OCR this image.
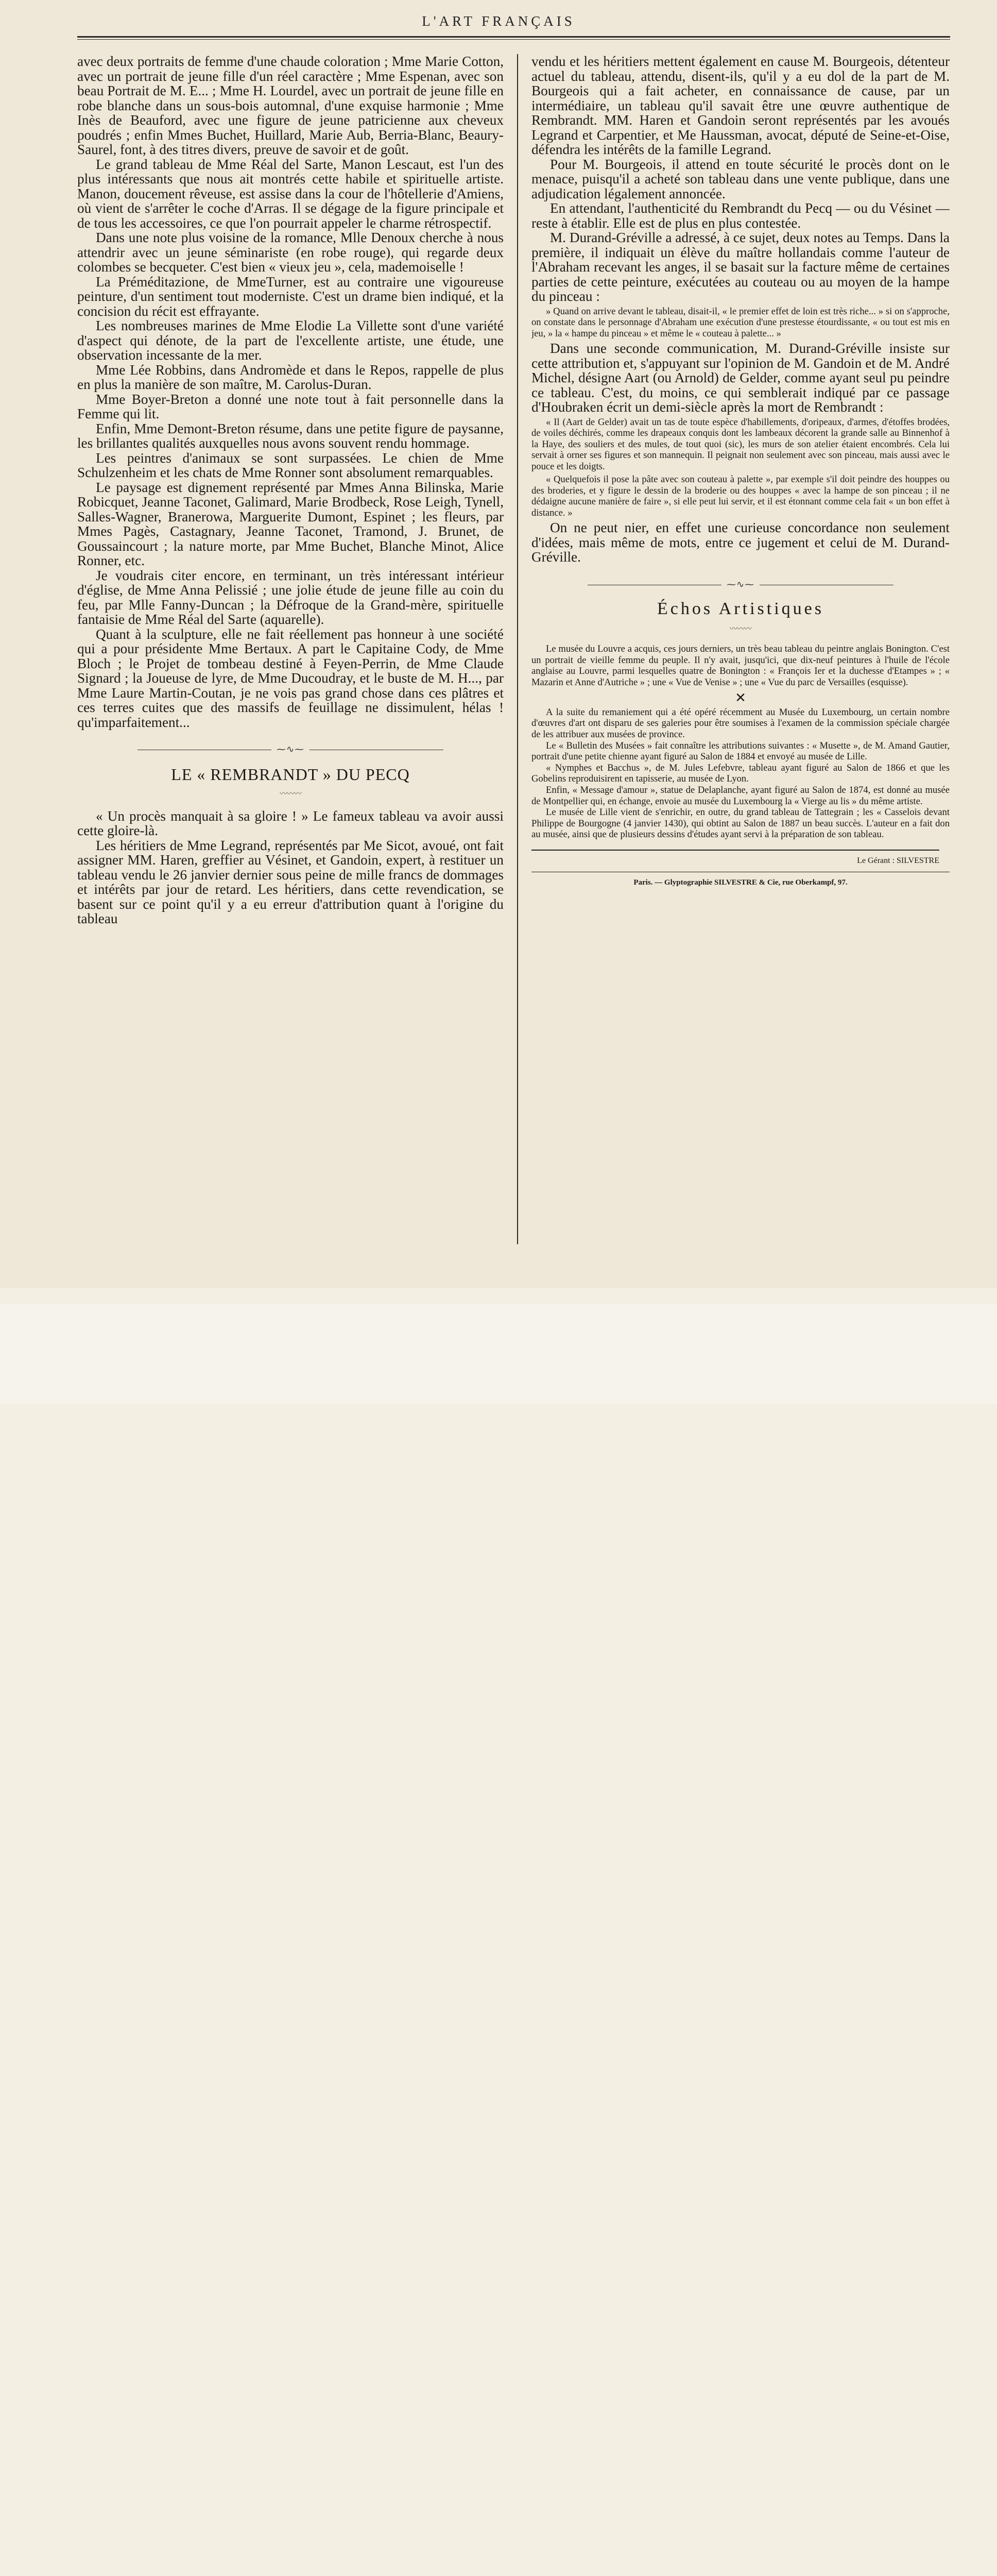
L'ART FRANÇAIS

avec deux portraits de femme d'une chaude coloration ; Mme Marie Cotton, avec un portrait de jeune fille d'un réel caractère ; Mme Espenan, avec son beau Portrait de M. E... ; Mme H. Lourdel, avec un portrait de jeune fille en robe blanche dans un sous-bois automnal, d'une exquise harmonie ; Mme Inès de Beauford, avec une figure de jeune patricienne aux cheveux poudrés ; enfin Mmes Buchet, Huillard, Marie Aub, Berria-Blanc, Beaury-Saurel, font, à des titres divers, preuve de savoir et de goût.

Le grand tableau de Mme Réal del Sarte, Manon Lescaut, est l'un des plus intéressants que nous ait montrés cette habile et spirituelle artiste. Manon, doucement rêveuse, est assise dans la cour de l'hôtellerie d'Amiens, où vient de s'arrêter le coche d'Arras. Il se dégage de la figure principale et de tous les accessoires, ce que l'on pourrait appeler le charme rétrospectif.

Dans une note plus voisine de la romance, Mlle Denoux cherche à nous attendrir avec un jeune séminariste (en robe rouge), qui regarde deux colombes se becqueter. C'est bien « vieux jeu », cela, mademoiselle !

La Préméditazione, de MmeTurner, est au contraire une vigoureuse peinture, d'un sentiment tout moderniste. C'est un drame bien indiqué, et la concision du récit est effrayante.

Les nombreuses marines de Mme Elodie La Villette sont d'une variété d'aspect qui dénote, de la part de l'excellente artiste, une étude, une observation incessante de la mer.

Mme Lée Robbins, dans Andromède et dans le Repos, rappelle de plus en plus la manière de son maître, M. Carolus-Duran.

Mme Boyer-Breton a donné une note tout à fait personnelle dans la Femme qui lit.

Enfin, Mme Demont-Breton résume, dans une petite figure de paysanne, les brillantes qualités auxquelles nous avons souvent rendu hommage.

Les peintres d'animaux se sont surpassées. Le chien de Mme Schulzenheim et les chats de Mme Ronner sont absolument remarquables.

Le paysage est dignement représenté par Mmes Anna Bilinska, Marie Robicquet, Jeanne Taconet, Galimard, Marie Brodbeck, Rose Leigh, Tynell, Salles-Wagner, Branerowa, Marguerite Dumont, Espinet ; les fleurs, par Mmes Pagès, Castagnary, Jeanne Taconet, Tramond, J. Brunet, de Goussaincourt ; la nature morte, par Mme Buchet, Blanche Minot, Alice Ronner, etc.

Je voudrais citer encore, en terminant, un très intéressant intérieur d'église, de Mme Anna Pelissié ; une jolie étude de jeune fille au coin du feu, par Mlle Fanny-Duncan ; la Défroque de la Grand-mère, spirituelle fantaisie de Mme Réal del Sarte (aquarelle).

Quant à la sculpture, elle ne fait réellement pas honneur à une société qui a pour présidente Mme Bertaux. A part le Capitaine Cody, de Mme Bloch ; le Projet de tombeau destiné à Feyen-Perrin, de Mme Claude Signard ; la Joueuse de lyre, de Mme Ducoudray, et le buste de M. H..., par Mme Laure Martin-Coutan, je ne vois pas grand chose dans ces plâtres et ces terres cuites que des massifs de feuillage ne dissimulent, hélas ! qu'imparfaitement...

⁓∿⁓
LE « REMBRANDT » DU PECQ
〰〰〰

« Un procès manquait à sa gloire ! » Le fameux tableau va avoir aussi cette gloire-là.

Les héritiers de Mme Legrand, représentés par Me Sicot, avoué, ont fait assigner MM. Haren, greffier au Vésinet, et Gandoin, expert, à restituer un tableau vendu le 26 janvier dernier sous peine de mille francs de dommages et intérêts par jour de retard. Les héritiers, dans cette revendication, se basent sur ce point qu'il y a eu erreur d'attribution quant à l'origine du tableau

vendu et les héritiers mettent également en cause M. Bourgeois, détenteur actuel du tableau, attendu, disent-ils, qu'il y a eu dol de la part de M. Bourgeois qui a fait acheter, en connaissance de cause, par un intermédiaire, un tableau qu'il savait être une œuvre authentique de Rembrandt. MM. Haren et Gandoin seront représentés par les avoués Legrand et Carpentier, et Me Haussman, avocat, député de Seine-et-Oise, défendra les intérêts de la famille Legrand.

Pour M. Bourgeois, il attend en toute sécurité le procès dont on le menace, puisqu'il a acheté son tableau dans une vente publique, dans une adjudication légalement annoncée.

En attendant, l'authenticité du Rembrandt du Pecq — ou du Vésinet — reste à établir. Elle est de plus en plus contestée.

M. Durand-Gréville a adressé, à ce sujet, deux notes au Temps. Dans la première, il indiquait un élève du maître hollandais comme l'auteur de l'Abraham recevant les anges, il se basait sur la facture même de certaines parties de cette peinture, exécutées au couteau ou au moyen de la hampe du pinceau :

» Quand on arrive devant le tableau, disait-il, « le premier effet de loin est très riche... » si on s'approche, on constate dans le personnage d'Abraham une exécution d'une prestesse étourdissante, « ou tout est mis en jeu, » la « hampe du pinceau » et même le « couteau à palette... »

Dans une seconde communication, M. Durand-Gréville insiste sur cette attribution et, s'appuyant sur l'opinion de M. Gandoin et de M. André Michel, désigne Aart (ou Arnold) de Gelder, comme ayant seul pu peindre ce tableau. C'est, du moins, ce qui semblerait indiqué par ce passage d'Houbraken écrit un demi-siècle après la mort de Rembrandt :

« Il (Aart de Gelder) avait un tas de toute espèce d'habillements, d'oripeaux, d'armes, d'étoffes brodées, de voiles déchirés, comme les drapeaux conquis dont les lambeaux décorent la grande salle au Binnenhof à la Haye, des souliers et des mules, de tout quoi (sic), les murs de son atelier étaient encombrés. Cela lui servait à orner ses figures et son mannequin. Il peignait non seulement avec son pinceau, mais aussi avec le pouce et les doigts.

« Quelquefois il pose la pâte avec son couteau à palette », par exemple s'il doit peindre des houppes ou des broderies, et y figure le dessin de la broderie ou des houppes « avec la hampe de son pinceau ; il ne dédaigne aucune manière de faire », si elle peut lui servir, et il est étonnant comme cela fait « un bon effet à distance. »

On ne peut nier, en effet une curieuse concordance non seulement d'idées, mais même de mots, entre ce jugement et celui de M. Durand-Gréville.

⁓∿⁓
Échos Artistiques
〰〰〰

Le musée du Louvre a acquis, ces jours derniers, un très beau tableau du peintre anglais Bonington. C'est un portrait de vieille femme du peuple. Il n'y avait, jusqu'ici, que dix-neuf peintures à l'huile de l'école anglaise au Louvre, parmi lesquelles quatre de Bonington : « François Ier et la duchesse d'Etampes » ; « Mazarin et Anne d'Autriche » ; une « Vue de Venise » ; une « Vue du parc de Versailles (esquisse).

✕

A la suite du remaniement qui a été opéré récemment au Musée du Luxembourg, un certain nombre d'œuvres d'art ont disparu de ses galeries pour être soumises à l'examen de la commission spéciale chargée de les attribuer aux musées de province.

Le « Bulletin des Musées » fait connaître les attributions suivantes : « Musette », de M. Amand Gautier, portrait d'une petite chienne ayant figuré au Salon de 1884 et envoyé au musée de Lille.

« Nymphes et Bacchus », de M. Jules Lefebvre, tableau ayant figuré au Salon de 1866 et que les Gobelins reproduisirent en tapisserie, au musée de Lyon.

Enfin, « Message d'amour », statue de Delaplanche, ayant figuré au Salon de 1874, est donné au musée de Montpellier qui, en échange, envoie au musée du Luxembourg la « Vierge au lis » du même artiste.

Le musée de Lille vient de s'enrichir, en outre, du grand tableau de Tattegrain ; les « Casselois devant Philippe de Bourgogne (4 janvier 1430), qui obtint au Salon de 1887 un beau succès. L'auteur en a fait don au musée, ainsi que de plusieurs dessins d'études ayant servi à la préparation de son tableau.

Le Gérant : SILVESTRE
Paris. — Glyptographie SILVESTRE & Cie, rue Oberkampf, 97.
